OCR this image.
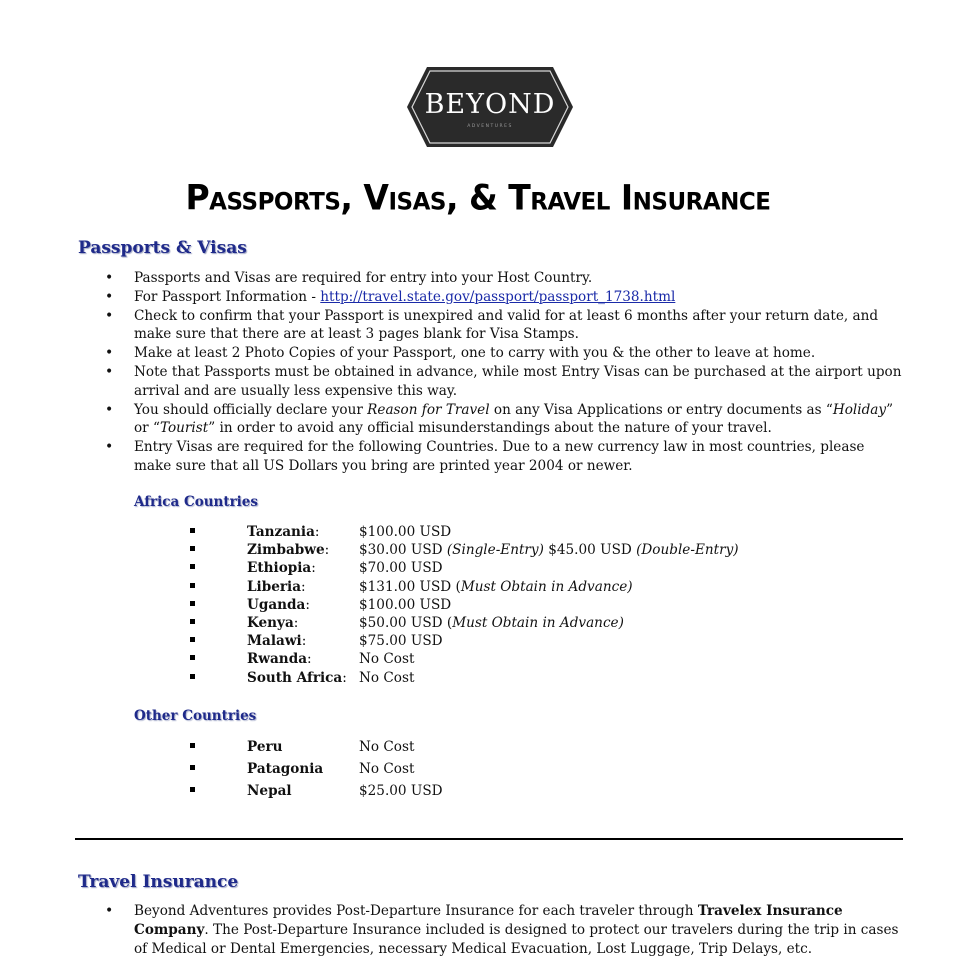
BEYOND
ADVENTURES
Passports, Visas, & Travel Insurance
Passports & Visas
• Passports and Visas are required for entry into your Host Country.
• For Passport Information - http://travel.state.gov/passport/passport_1738.html
• Check to confirm that your Passport is unexpired and valid for at least 6 months after your return date, and make sure that there are at least 3 pages blank for Visa Stamps.
• Make at least 2 Photo Copies of your Passport, one to carry with you & the other to leave at home.
• Note that Passports must be obtained in advance, while most Entry Visas can be purchased at the airport upon arrival and are usually less expensive this way.
• You should officially declare your Reason for Travel on any Visa Applications or entry documents as “Holiday” or “Tourist” in order to avoid any official misunderstandings about the nature of your travel.
• Entry Visas are required for the following Countries. Due to a new currency law in most countries, please make sure that all US Dollars you bring are printed year 2004 or newer.
Africa Countries
	Tanzania:	$100.00 USD
	Zimbabwe:	$30.00 USD (Single-Entry) $45.00 USD (Double-Entry)
	Ethiopia:	$70.00 USD
	Liberia:	$131.00 USD (Must Obtain in Advance)
	Uganda:	$100.00 USD
	Kenya:	$50.00 USD (Must Obtain in Advance)
	Malawi:	$75.00 USD
	Rwanda:	No Cost
	South Africa:	No Cost
Other Countries
	Peru	No Cost
	Patagonia	No Cost
	Nepal	$25.00 USD
Travel Insurance
• Beyond Adventures provides Post-Departure Insurance for each traveler through Travelex Insurance Company. The Post-Departure Insurance included is designed to protect our travelers during the trip in cases of Medical or Dental Emergencies, necessary Medical Evacuation, Lost Luggage, Trip Delays, etc.
